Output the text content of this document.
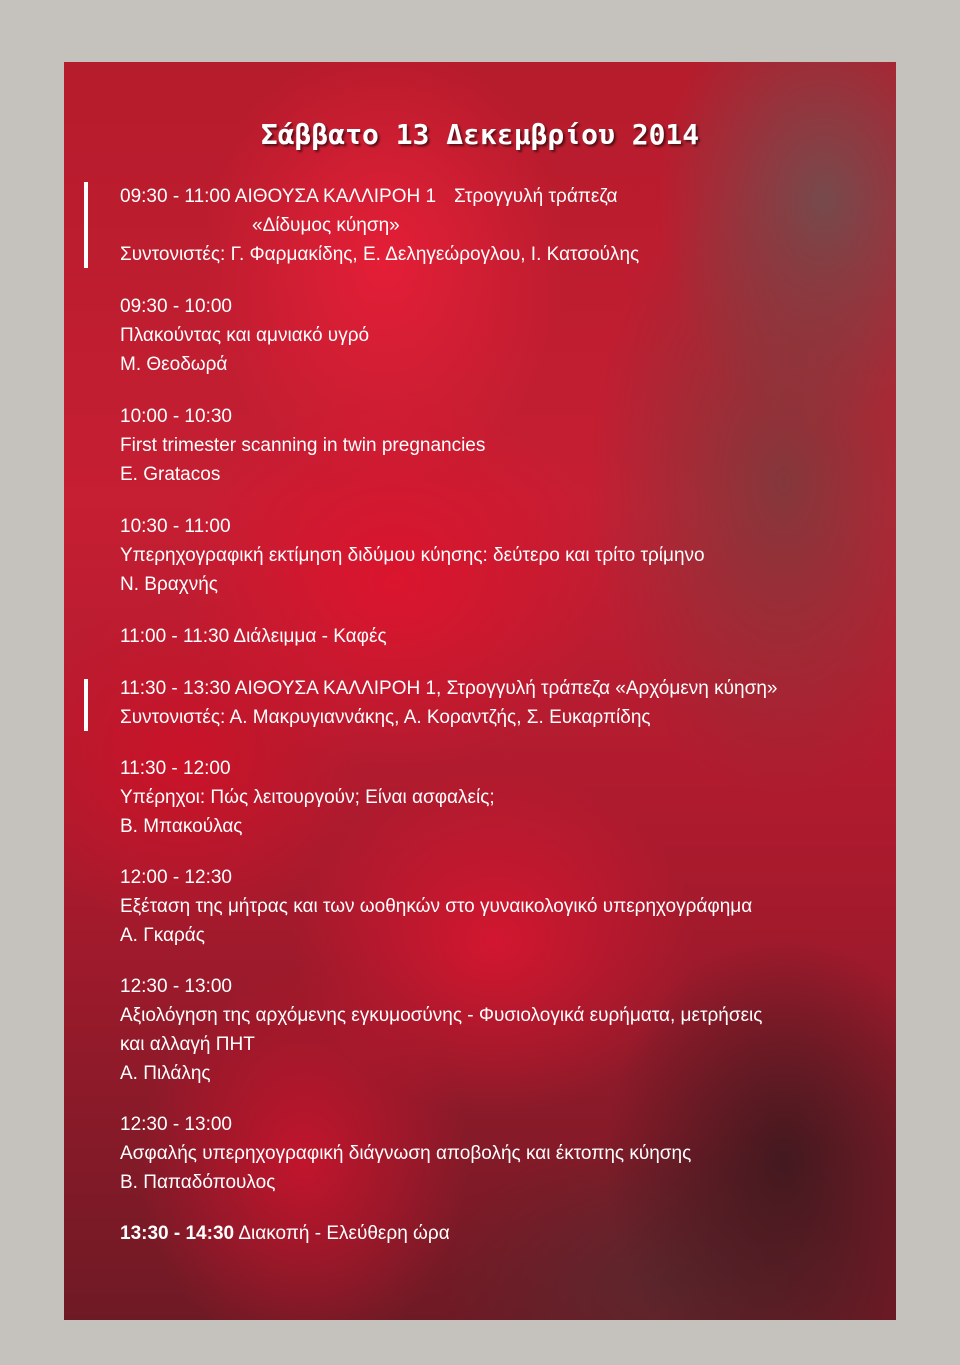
Σάββατο 13 Δεκεμβρίου 2014
09:30 - 11:00 ΑΙΘΟΥΣΑ ΚΑΛΛΙΡΟΗ 1 Στρογγυλή τράπεζα
«Δίδυμος κύηση»
Συντονιστές: Γ. Φαρμακίδης, Ε. Δεληγεώρογλου, Ι. Κατσούλης
09:30 - 10:00
Πλακούντας και αμνιακό υγρό
Μ. Θεοδωρά
10:00 - 10:30
First trimester scanning in twin pregnancies
E. Gratacos
10:30 - 11:00
Υπερηχογραφική εκτίμηση διδύμου κύησης: δεύτερο και τρίτο τρίμηνο
Ν. Βραχνής
11:00 - 11:30 Διάλειμμα - Καφές
11:30 - 13:30 ΑΙΘΟΥΣΑ ΚΑΛΛΙΡΟΗ 1, Στρογγυλή τράπεζα «Αρχόμενη κύηση»
Συντονιστές: Α. Μακρυγιαννάκης, Α. Κοραντζής, Σ. Ευκαρπίδης
11:30 - 12:00
Υπέρηχοι: Πώς λειτουργούν; Είναι ασφαλείς;
Β. Μπακούλας
12:00 - 12:30
Εξέταση της μήτρας και των ωοθηκών στο γυναικολογικό υπερηχογράφημα
Α. Γκαράς
12:30 - 13:00
Αξιολόγηση της αρχόμενης εγκυμοσύνης - Φυσιολογικά ευρήματα, μετρήσεις
και αλλαγή ΠΗΤ
Α. Πιλάλης
12:30 - 13:00
Ασφαλής υπερηχογραφική διάγνωση αποβολής και έκτοπης κύησης
Β. Παπαδόπουλος
13:30 - 14:30 Διακοπή - Ελεύθερη ώρα
